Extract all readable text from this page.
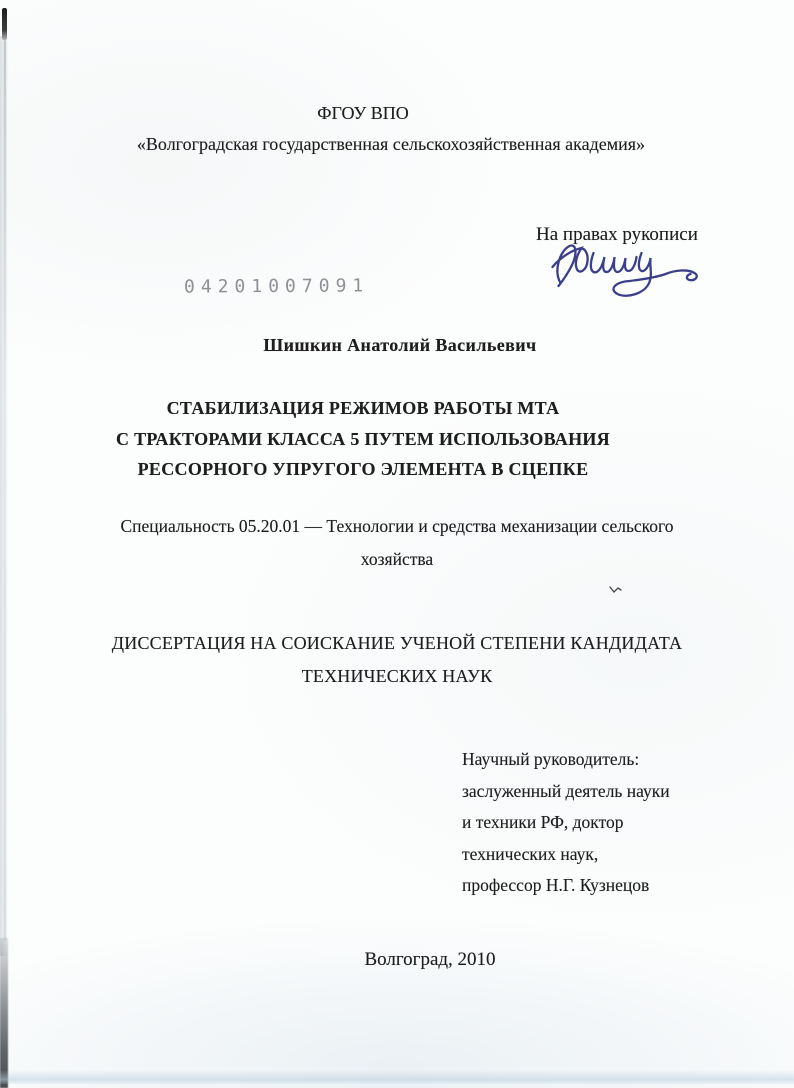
ФГОУ ВПО
«Волгоградская государственная сельскохозяйственная академия»
На правах рукописи
04201007091
Шишкин Анатолий Васильевич
СТАБИЛИЗАЦИЯ РЕЖИМОВ РАБОТЫ МТА
С ТРАКТОРАМИ КЛАССА 5 ПУТЕМ ИСПОЛЬЗОВАНИЯ
РЕССОРНОГО УПРУГОГО ЭЛЕМЕНТА В СЦЕПКЕ
Специальность 05.20.01 — Технологии и средства механизации сельского
хозяйства
ДИССЕРТАЦИЯ НА СОИСКАНИЕ УЧЕНОЙ СТЕПЕНИ КАНДИДАТА
ТЕХНИЧЕСКИХ НАУК
Научный руководитель:
заслуженный деятель науки
и техники РФ, доктор
технических наук,
профессор Н.Г. Кузнецов
Волгоград, 2010
